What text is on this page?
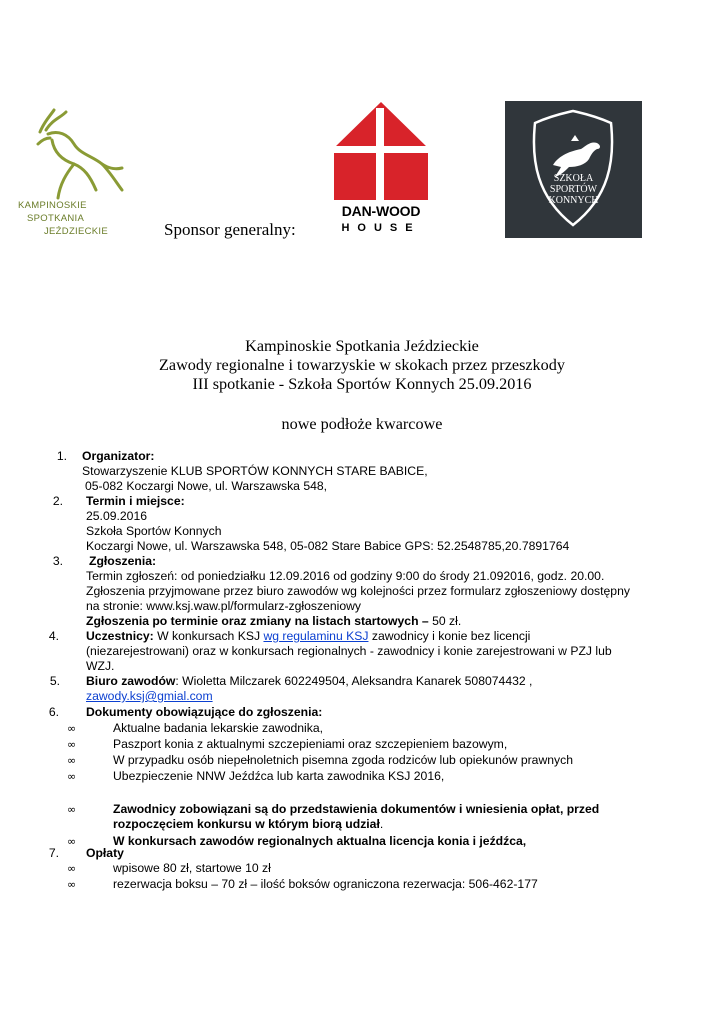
KAMPINOSKIE
SPOTKANIA
JEŹDZIECKIE	Sponsor generalny:
DAN-WOOD
HOUSE
SZKOŁA
SPORTÓW
KONNYCH
Kampinoskie Spotkania Jeździeckie
Zawody regionalne i towarzyskie w skokach przez przeszkody
III spotkanie - Szkoła Sportów Konnych 25.09.2016
nowe podłoże kwarcowe
1. Organizator:
Stowarzyszenie KLUB SPORTÓW KONNYCH STARE BABICE,
05-082 Koczargi Nowe, ul. Warszawska 548,
2. Termin i miejsce:
25.09.2016
Szkoła Sportów Konnych
Koczargi Nowe, ul. Warszawska 548, 05-082 Stare Babice GPS: 52.2548785,20.7891764
3. Zgłoszenia:
Termin zgłoszeń: od poniedziałku 12.09.2016 od godziny 9:00 do środy 21.092016, godz. 20.00.
Zgłoszenia przyjmowane przez biuro zawodów wg kolejności przez formularz zgłoszeniowy dostępny
na stronie: www.ksj.waw.pl/formularz-zgłoszeniowy
Zgłoszenia po terminie oraz zmiany na listach startowych – 50 zł.
4. Uczestnicy: W konkursach KSJ wg regulaminu KSJ zawodnicy i konie bez licencji
(niezarejestrowani) oraz w konkursach regionalnych - zawodnicy i konie zarejestrowani w PZJ lub
WZJ.
5. Biuro zawodów: Wioletta Milczarek 602249504, Aleksandra Kanarek 508074432 ,
zawody.ksj@gmial.com
6. Dokumenty obowiązujące do zgłoszenia:
∞	Aktualne badania lekarskie zawodnika,
∞	Paszport konia z aktualnymi szczepieniami oraz szczepieniem bazowym,
∞	W przypadku osób niepełnoletnich pisemna zgoda rodziców lub opiekunów prawnych
∞	Ubezpieczenie NNW Jeźdźca lub karta zawodnika KSJ 2016,
∞	Zawodnicy zobowiązani są do przedstawienia dokumentów i wniesienia opłat, przed
rozpoczęciem konkursu w którym biorą udział.
∞	W konkursach zawodów regionalnych aktualna licencja konia i jeźdźca,
7. Opłaty
∞	wpisowe 80 zł, startowe 10 zł
∞	rezerwacja boksu – 70 zł – ilość boksów ograniczona rezerwacja: 506-462-177
